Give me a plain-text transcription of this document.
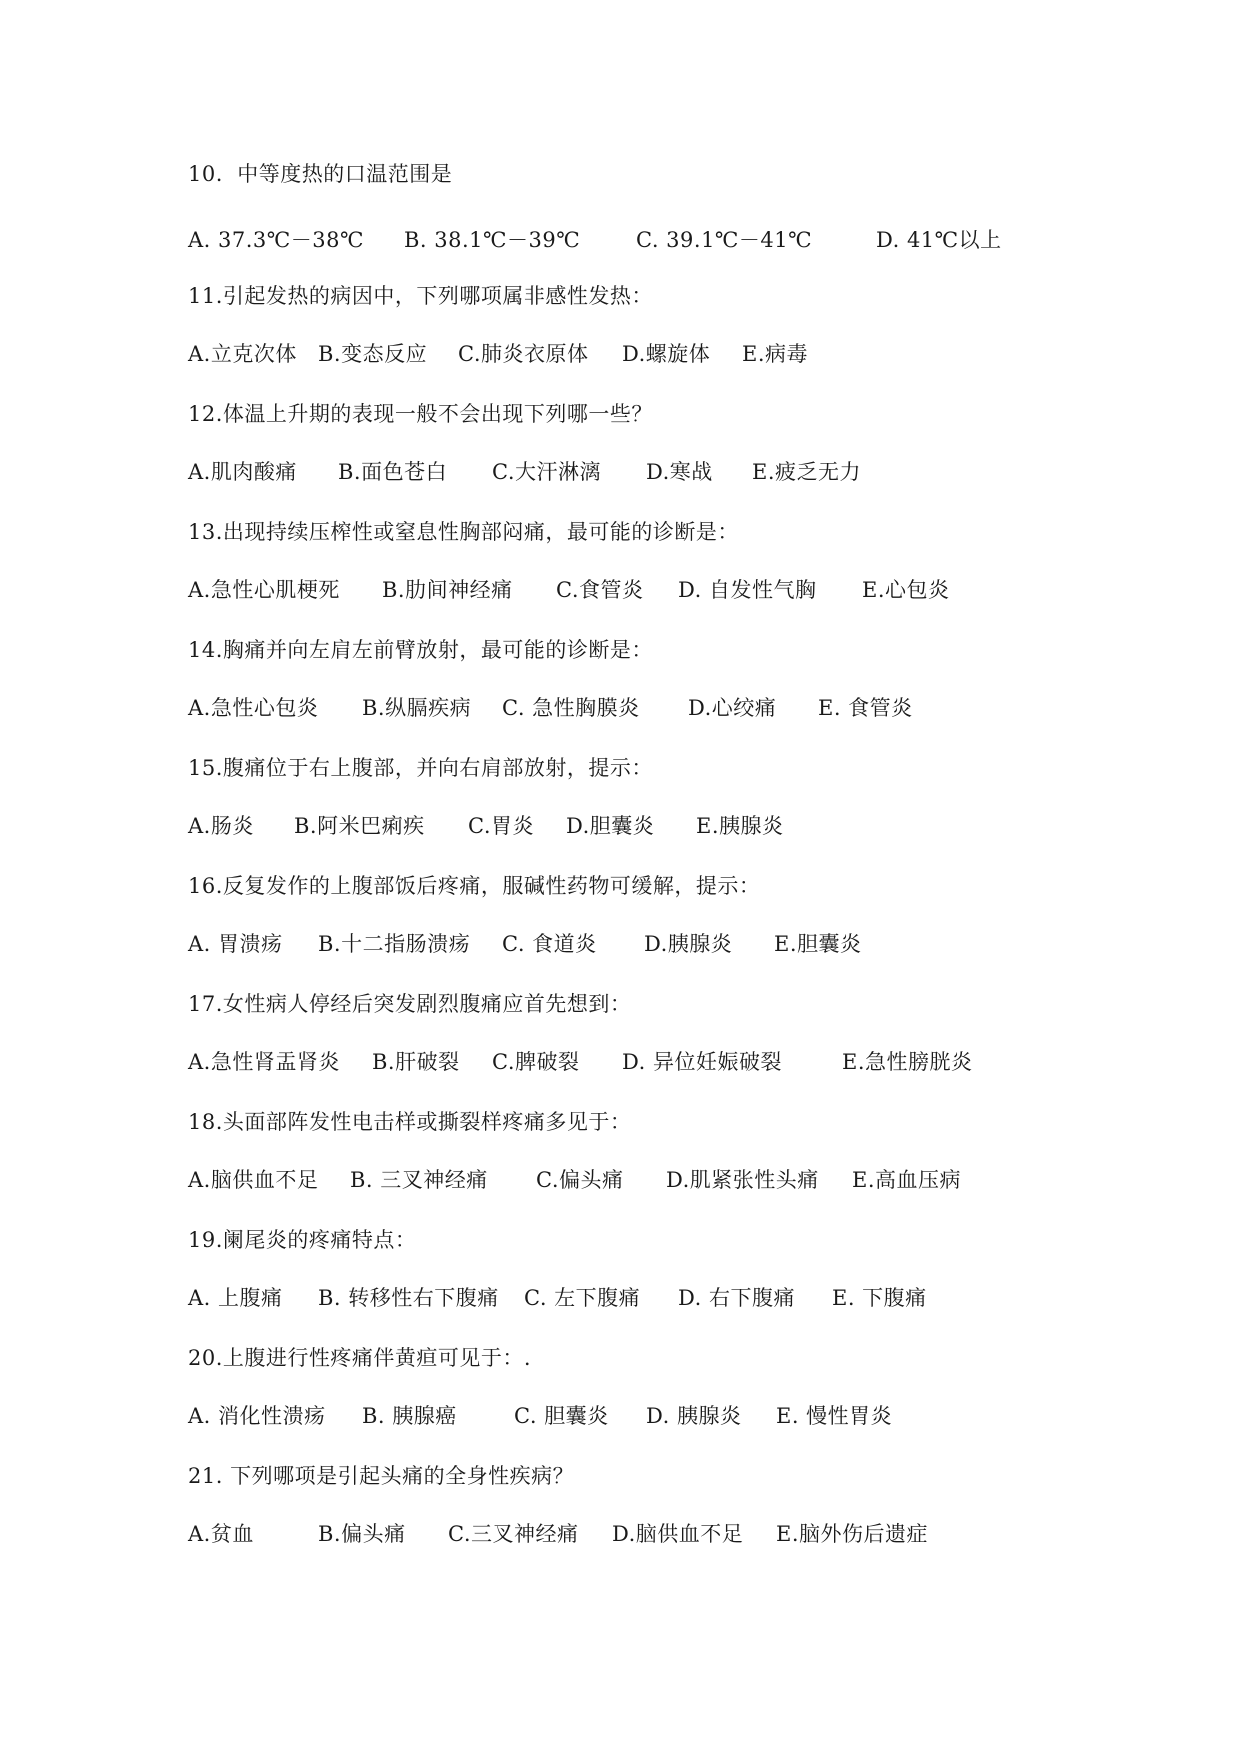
10. 中等度热的口温范围是
A. 37.3℃－38℃ B. 38.1℃－39℃	C. 39.1℃－41℃	D. 41℃以上
11.引起发热的病因中，下列哪项属非感性发热：
A.立克次体 B.变态反应 C.肺炎衣原体 D.螺旋体 E.病毒
12.体温上升期的表现一般不会出现下列哪一些？
A.肌肉酸痛 B.面色苍白 C.大汗淋漓 D.寒战 E.疲乏无力
13.出现持续压榨性或窒息性胸部闷痛，最可能的诊断是：
A.急性心肌梗死 B.肋间神经痛 C.食管炎 D. 自发性气胸 E.心包炎
14.胸痛并向左肩左前臂放射，最可能的诊断是：
A.急性心包炎 B.纵膈疾病 C. 急性胸膜炎 D.心绞痛 E. 食管炎
15.腹痛位于右上腹部，并向右肩部放射，提示：
A.肠炎 B.阿米巴痢疾 C.胃炎 D.胆囊炎 E.胰腺炎
16.反复发作的上腹部饭后疼痛，服碱性药物可缓解，提示：
A. 胃溃疡 B.十二指肠溃疡 C. 食道炎 D.胰腺炎 E.胆囊炎
17.女性病人停经后突发剧烈腹痛应首先想到：
A.急性肾盂肾炎 B.肝破裂 C.脾破裂 D. 异位妊娠破裂	E.急性膀胱炎
18.头面部阵发性电击样或撕裂样疼痛多见于：
A.脑供血不足 B. 三叉神经痛 C.偏头痛 D.肌紧张性头痛 E.高血压病
19.阑尾炎的疼痛特点：
A. 上腹痛 B. 转移性右下腹痛 C. 左下腹痛 D. 右下腹痛 E. 下腹痛
20.上腹进行性疼痛伴黄疸可见于：.
A. 消化性溃疡 B. 胰腺癌	C. 胆囊炎 D. 胰腺炎 E. 慢性胃炎
21. 下列哪项是引起头痛的全身性疾病？
A.贫血	B.偏头痛 C.三叉神经痛 D.脑供血不足 E.脑外伤后遗症
